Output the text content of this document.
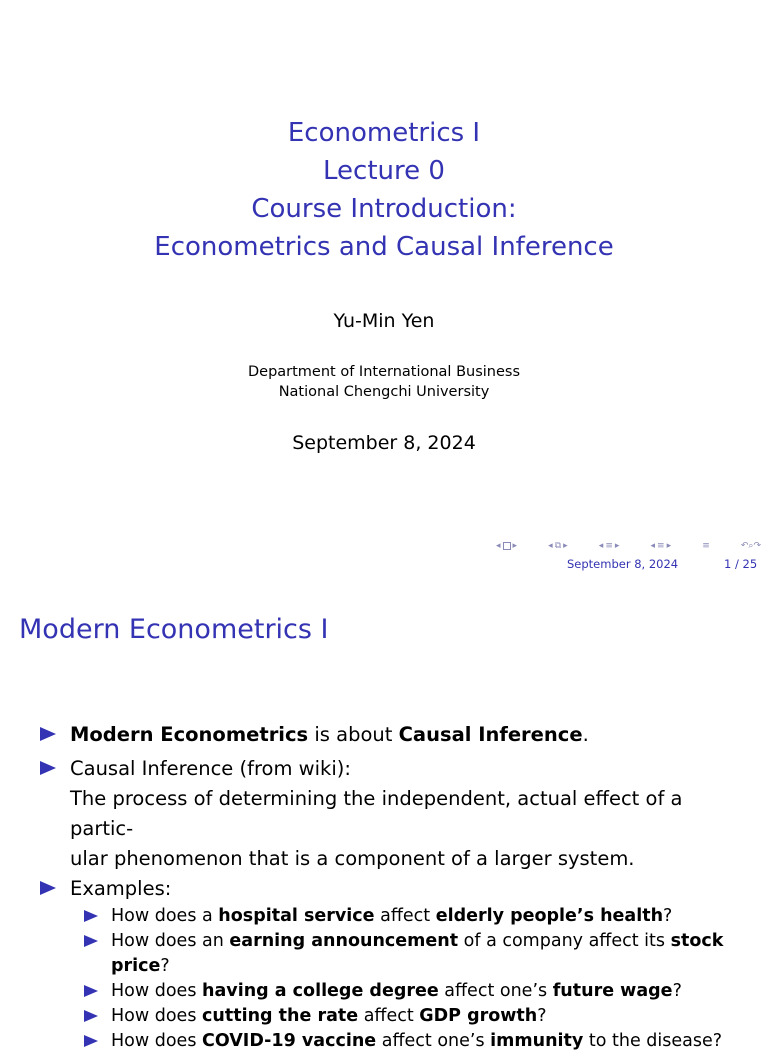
Econometrics I
Lecture 0
Course Introduction:
Econometrics and Causal Inference
Yu-Min Yen
Department of International Business
National Chengchi University
September 8, 2024
◂ ▸	◂ ⧉ ▸	◂ ≡ ▸	◂ ≡ ▸	≡	↶⌕↷
September 8, 2024	1 / 25
Modern Econometrics I
Modern Econometrics is about Causal Inference.
Causal Inference (from wiki):
The process of determining the independent, actual effect of a partic-
ular phenomenon that is a component of a larger system.
Examples:
How does a hospital service affect elderly people’s health?
How does an earning announcement of a company affect its stock price?
How does having a college degree affect one’s future wage?
How does cutting the rate affect GDP growth?
How does COVID-19 vaccine affect one’s immunity to the disease?
